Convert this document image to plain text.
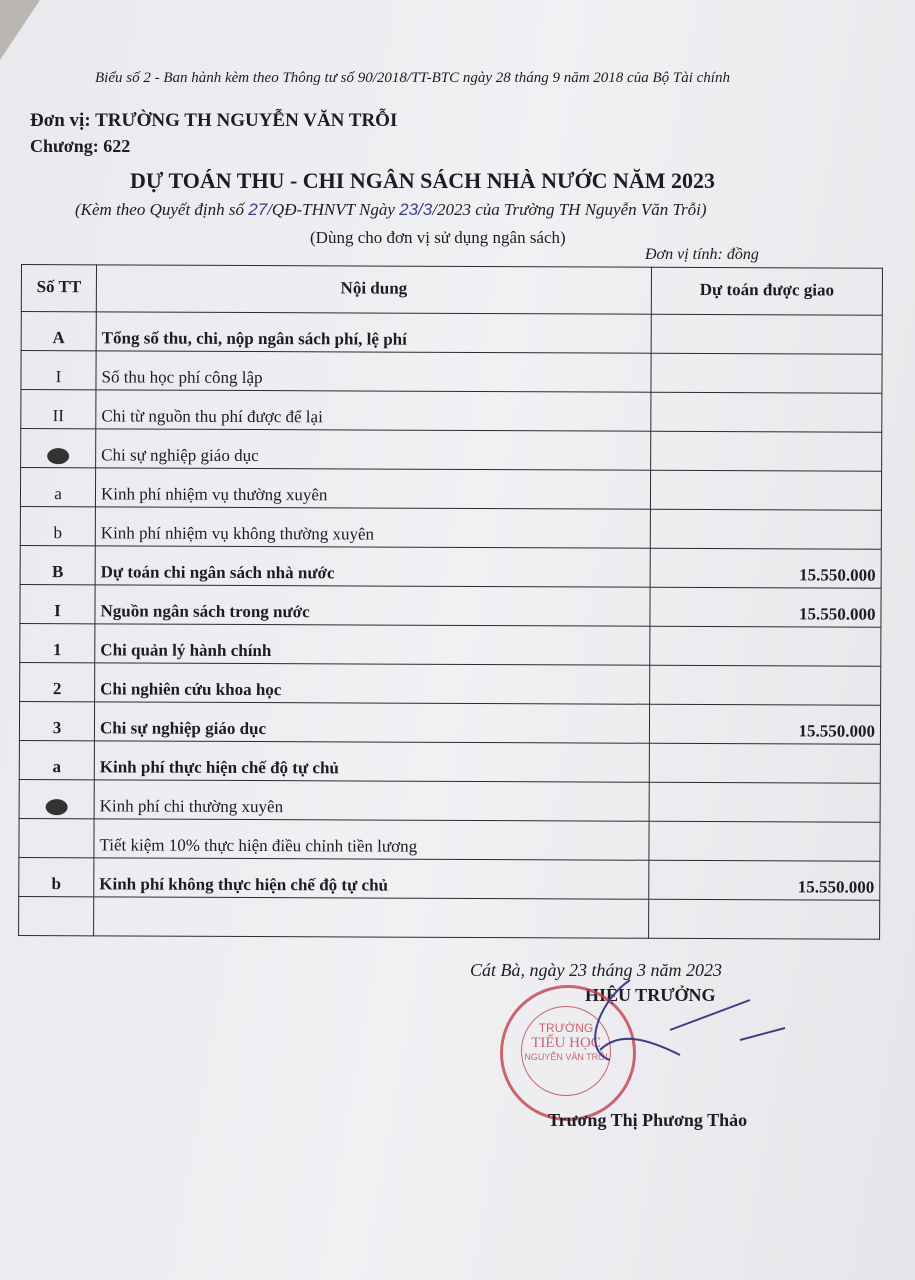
Biểu số 2 - Ban hành kèm theo Thông tư số 90/2018/TT-BTC ngày 28 tháng 9 năm 2018 của Bộ Tài chính
Đơn vị: TRƯỜNG TH NGUYỄN VĂN TRỖI
Chương: 622
DỰ TOÁN THU - CHI NGÂN SÁCH NHÀ NƯỚC NĂM 2023
(Kèm theo Quyết định số 27/QĐ-THNVT Ngày 23/3/2023 của Trường TH Nguyễn Văn Trỗi)
(Dùng cho đơn vị sử dụng ngân sách)
Đơn vị tính: đồng
Số TT	Nội dung	Dự toán được giao
A	Tổng số thu, chi, nộp ngân sách phí, lệ phí	
I	Số thu học phí công lập	
II	Chi từ nguồn thu phí được để lại	
	Chi sự nghiệp giáo dục	
a	Kinh phí nhiệm vụ thường xuyên	
b	Kinh phí nhiệm vụ không thường xuyên	
B	Dự toán chi ngân sách nhà nước	15.550.000
I	Nguồn ngân sách trong nước	15.550.000
1	Chi quản lý hành chính	
2	Chi nghiên cứu khoa học	
3	Chi sự nghiệp giáo dục	15.550.000
a	Kinh phí thực hiện chế độ tự chủ	
	Kinh phí chi thường xuyên	
	Tiết kiệm 10% thực hiện điều chỉnh tiền lương	
b	Kinh phí không thực hiện chế độ tự chủ	15.550.000

Cát Bà, ngày 23 tháng 3 năm 2023
HIỆU TRƯỞNG
TRƯỜNG
TIỂU HỌC
NGUYỄN VĂN TRỖI
Trương Thị Phương Thảo
